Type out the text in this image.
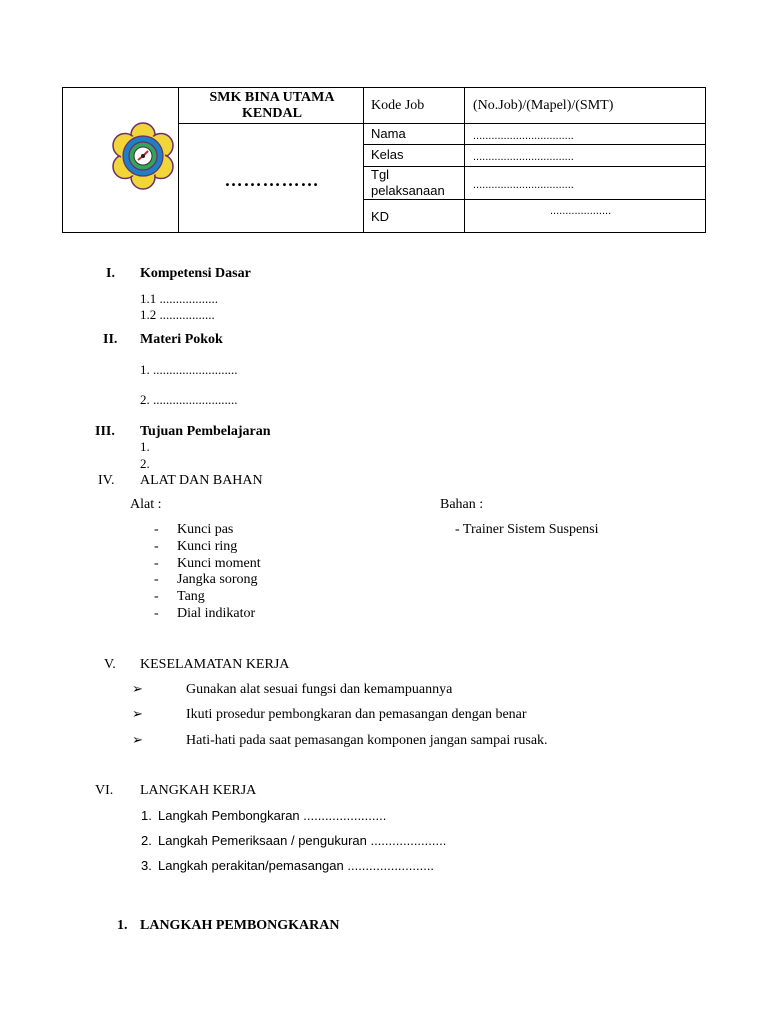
SMK BINA UTAMA KENDAL
……………
Kode Job	(No.Job)/(Mapel)/(SMT)
Nama	.................................
Kelas	.................................
Tgl pelaksanaan	.................................
KD	....................
I. Kompetensi Dasar
1.1 ..................
1.2 .................
II. Materi Pokok
1. ..........................
2. ..........................
III. Tujuan Pembelajaran
1.
2.
IV. ALAT DAN BAHAN
Alat :	Bahan :
- Kunci pas
- Kunci ring
- Kunci moment
- Jangka sorong
- Tang
- Dial indikator
- Trainer Sistem Suspensi
V. KESELAMATAN KERJA
➢	Gunakan alat sesuai fungsi dan kemampuannya
➢	Ikuti prosedur pembongkaran dan pemasangan dengan benar
➢	Hati-hati pada saat pemasangan komponen jangan sampai rusak.
VI. LANGKAH KERJA
1. Langkah Pembongkaran .......................
2. Langkah Pemeriksaan / pengukuran .....................
3. Langkah perakitan/pemasangan ........................
1. LANGKAH PEMBONGKARAN
